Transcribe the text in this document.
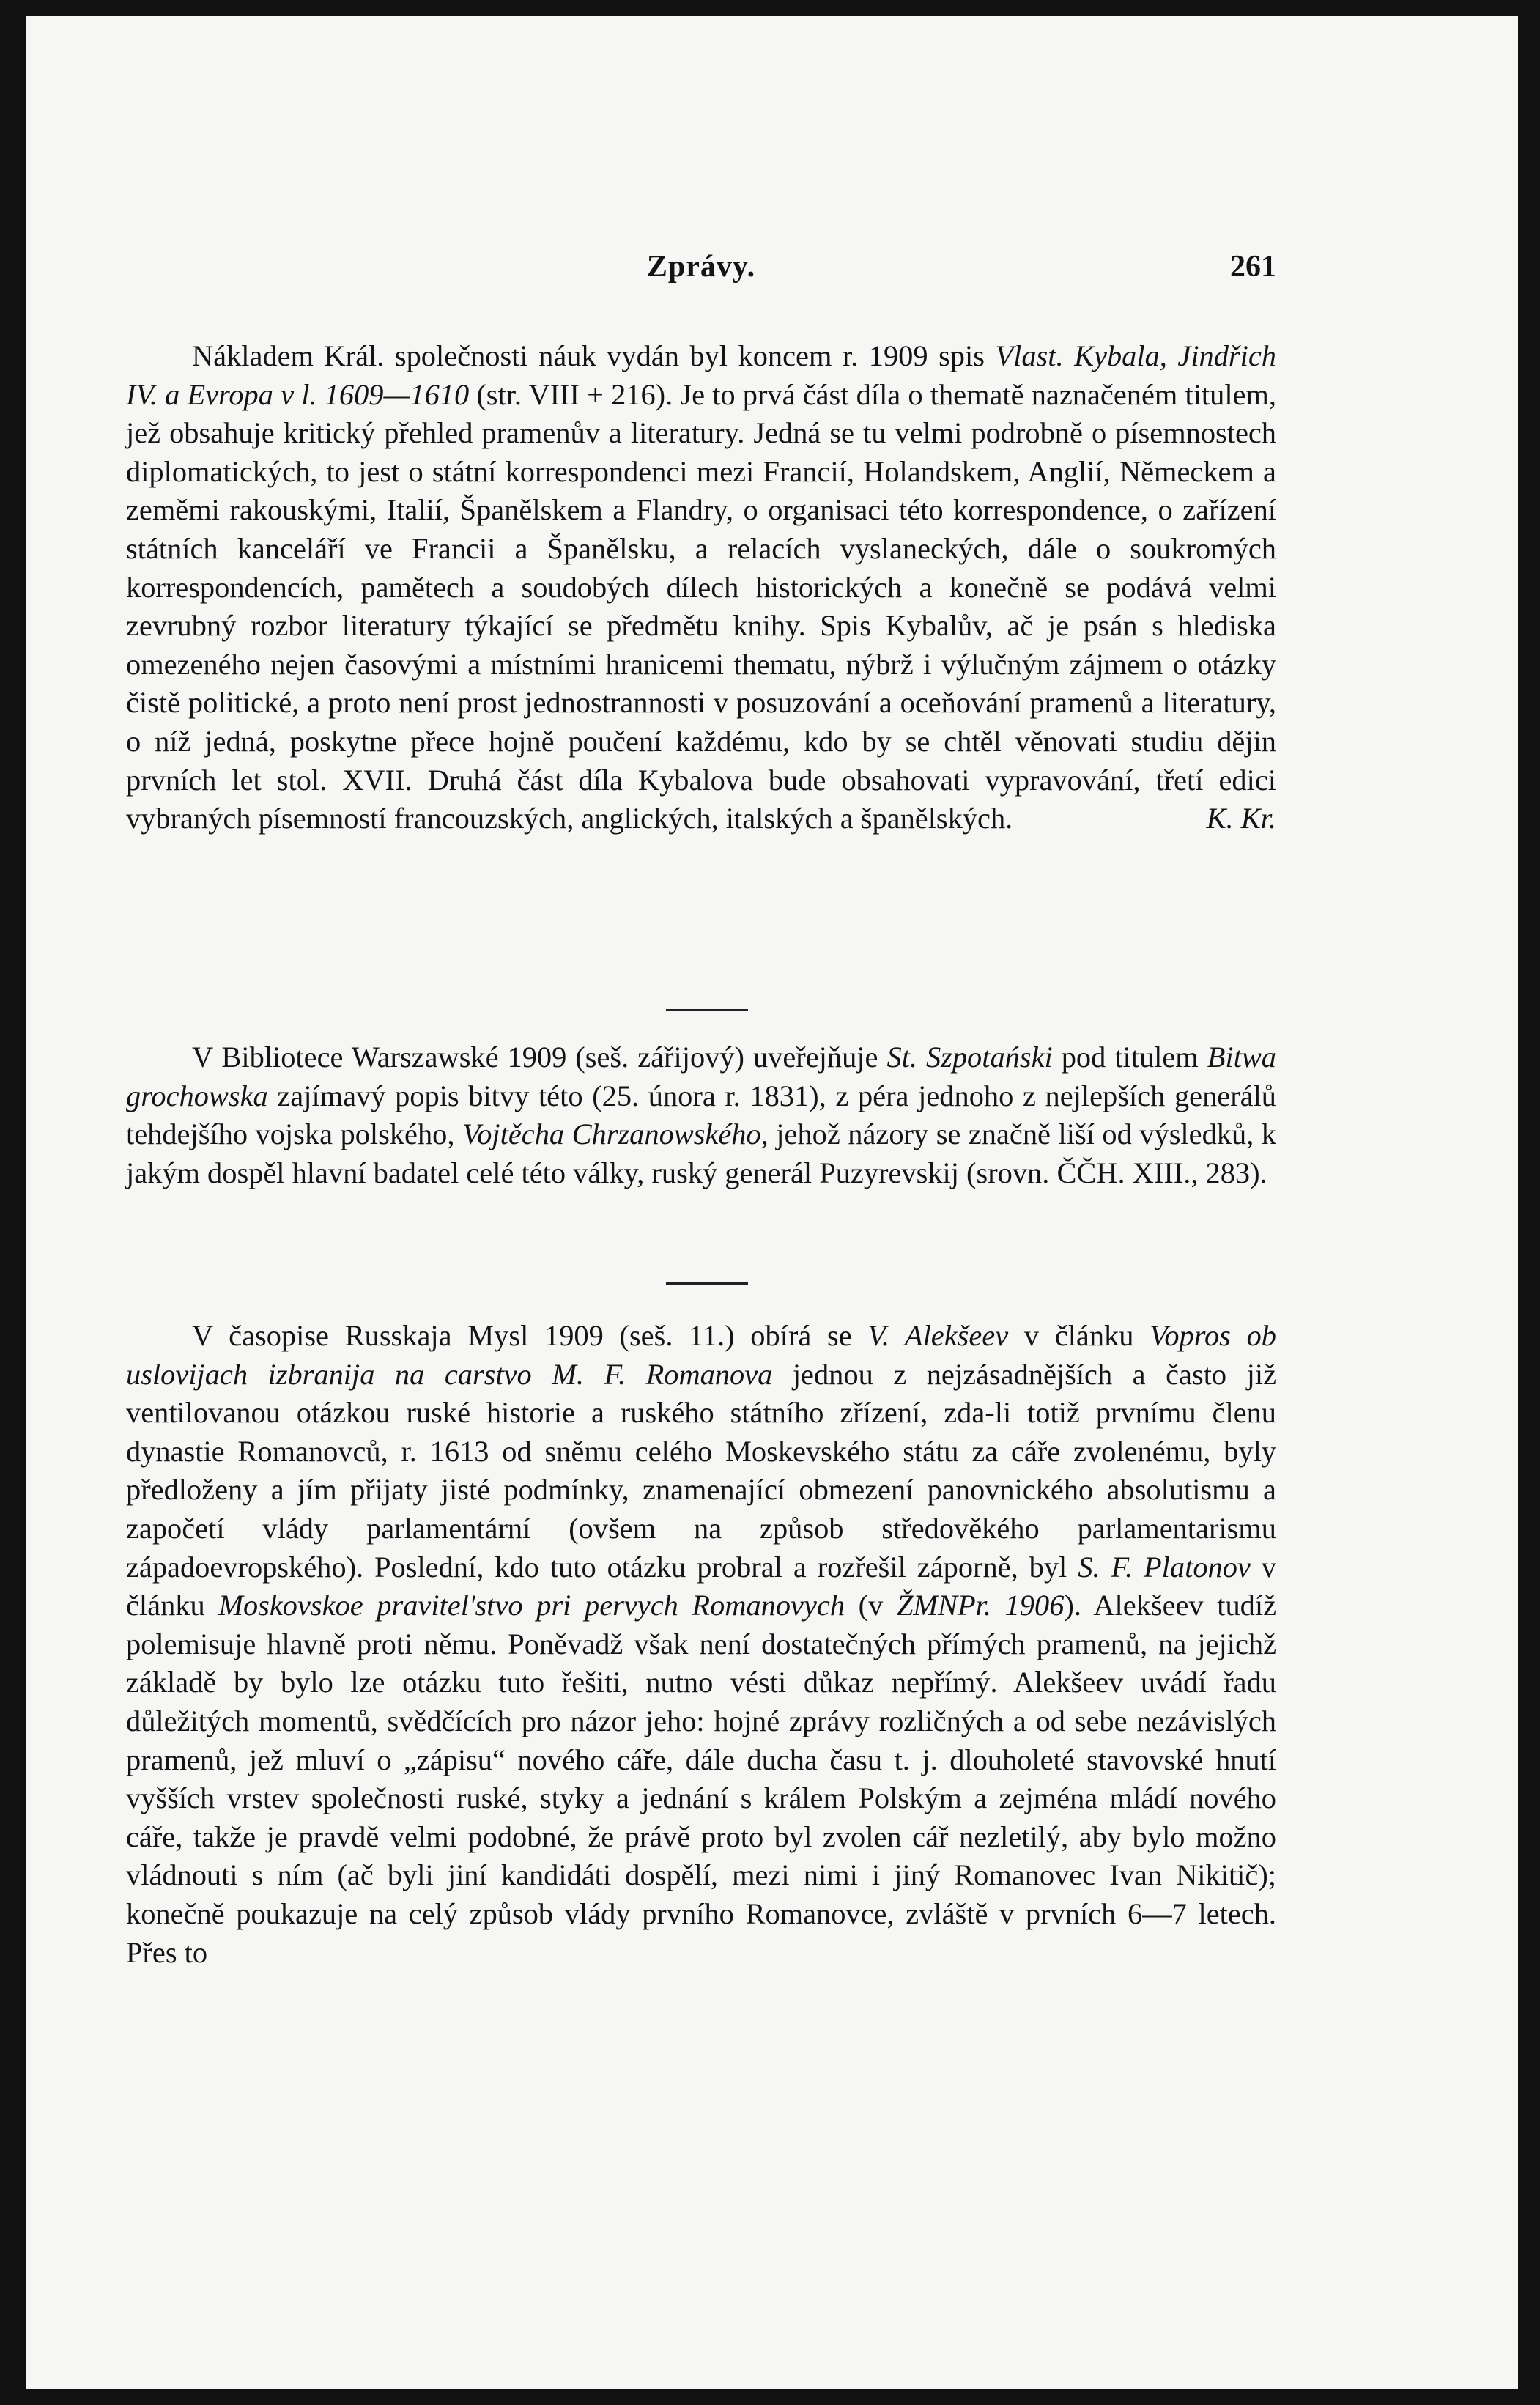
Zprávy.	261

Nákladem Král. společnosti náuk vydán byl koncem r. 1909 spis Vlast. Kybala, Jindřich IV. a Evropa v l. 1609—1610 (str. VIII + 216). Je to prvá část díla o thematě naznačeném titulem, jež obsahuje kritický přehled pramenův a literatury. Jedná se tu velmi podrobně o písemnostech diplomatických, to jest o státní korrespondenci mezi Francií, Holandskem, Anglií, Německem a zeměmi rakouskými, Italií, Španělskem a Flandry, o organisaci této korrespondence, o zařízení státních kanceláří ve Francii a Španělsku, a relacích vyslaneckých, dále o soukromých korrespondencích, pamětech a soudobých dílech historických a konečně se podává velmi zevrubný rozbor literatury týkající se předmětu knihy. Spis Kybalův, ač je psán s hlediska omezeného nejen časovými a místními hranicemi thematu, nýbrž i výlučným zájmem o otázky čistě politické, a proto není prost jednostrannosti v posuzování a oceňování pramenů a literatury, o níž jedná, poskytne přece hojně poučení každému, kdo by se chtěl věnovati studiu dějin prvních let stol. XVII. Druhá část díla Kybalova bude obsahovati vypravování, třetí edici vybraných písemností francouzských, anglických, italských a španělských.	K. Kr.

V Bibliotece Warszawské 1909 (seš. zářijový) uveřejňuje St. Szpotański pod titulem Bitwa grochowska zajímavý popis bitvy této (25. února r. 1831), z péra jednoho z nejlepších generálů tehdejšího vojska polského, Vojtěcha Chrzanowského, jehož názory se značně liší od výsledků, k jakým dospěl hlavní badatel celé této války, ruský generál Puzyrevskij (srovn. ČČH. XIII., 283).

V časopise Russkaja Mysl 1909 (seš. 11.) obírá se V. Alekšeev v článku Vopros ob uslovijach izbranija na carstvo M. F. Romanova jednou z nejzásadnějších a často již ventilovanou otázkou ruské historie a ruského státního zřízení, zda-li totiž prvnímu členu dynastie Romanovců, r. 1613 od sněmu celého Moskevského státu za cáře zvolenému, byly předloženy a jím přijaty jisté podmínky, znamenající obmezení panovnického absolutismu a započetí vlády parlamentární (ovšem na způsob středověkého parlamentarismu západoevropského). Poslední, kdo tuto otázku probral a rozřešil záporně, byl S. F. Platonov v článku Moskovskoe pravitel'stvo pri pervych Romanovych (v ŽMNPr. 1906). Alekšeev tudíž polemisuje hlavně proti němu. Poněvadž však není dostatečných přímých pramenů, na jejichž základě by bylo lze otázku tuto řešiti, nutno vésti důkaz nepřímý. Alekšeev uvádí řadu důležitých momentů, svědčících pro názor jeho: hojné zprávy rozličných a od sebe nezávislých pramenů, jež mluví o „zápisu“ nového cáře, dále ducha času t. j. dlouholeté stavovské hnutí vyšších vrstev společnosti ruské, styky a jednání s králem Polským a zejména mládí nového cáře, takže je pravdě velmi podobné, že právě proto byl zvolen cář nezletilý, aby bylo možno vládnouti s ním (ač byli jiní kandidáti dospělí, mezi nimi i jiný Romanovec Ivan Nikitič); konečně poukazuje na celý způsob vlády prvního Romanovce, zvláště v prvních 6—7 letech. Přes to
